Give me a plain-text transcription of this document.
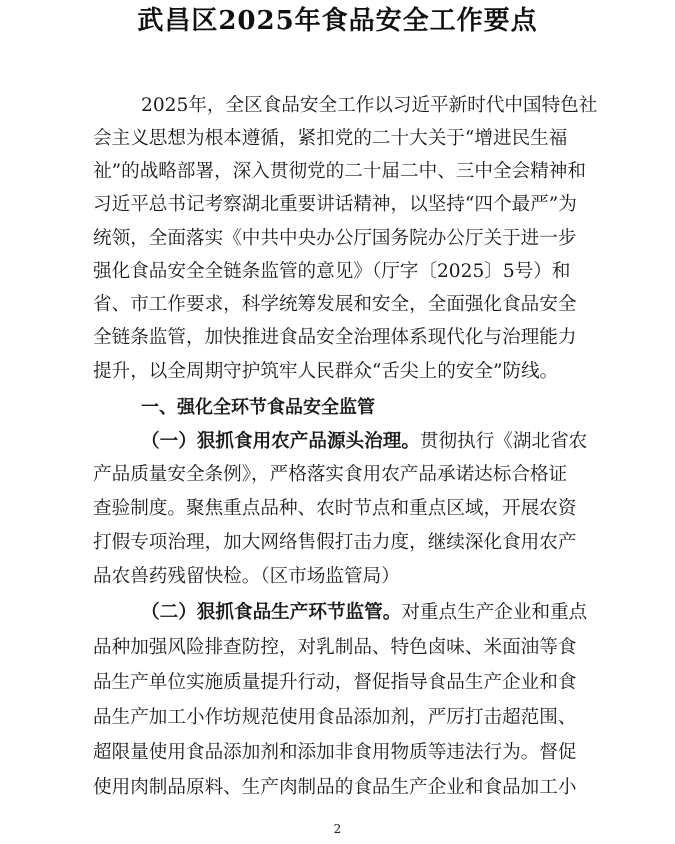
武昌区2025年食品安全工作要点
2025年，全区食品安全工作以习近平新时代中国特色社
会主义思想为根本遵循，紧扣党的二十大关于“增进民生福
祉”的战略部署，深入贯彻党的二十届二中、三中全会精神和
习近平总书记考察湖北重要讲话精神，以坚持“四个最严”为
统领，全面落实《中共中央办公厅国务院办公厅关于进一步
强化食品安全全链条监管的意见》（厅字〔2025〕5号）和
省、市工作要求，科学统筹发展和安全，全面强化食品安全
全链条监管，加快推进食品安全治理体系现代化与治理能力
提升，以全周期守护筑牢人民群众“舌尖上的安全”防线。
一、强化全环节食品安全监管
（一）狠抓食用农产品源头治理。贯彻执行《湖北省农
产品质量安全条例》，严格落实食用农产品承诺达标合格证
查验制度。聚焦重点品种、农时节点和重点区域，开展农资
打假专项治理，加大网络售假打击力度，继续深化食用农产
品农兽药残留快检。（区市场监管局）
（二）狠抓食品生产环节监管。对重点生产企业和重点
品种加强风险排查防控，对乳制品、特色卤味、米面油等食
品生产单位实施质量提升行动，督促指导食品生产企业和食
品生产加工小作坊规范使用食品添加剂，严厉打击超范围、
超限量使用食品添加剂和添加非食用物质等违法行为。督促
使用肉制品原料、生产肉制品的食品生产企业和食品加工小
2
